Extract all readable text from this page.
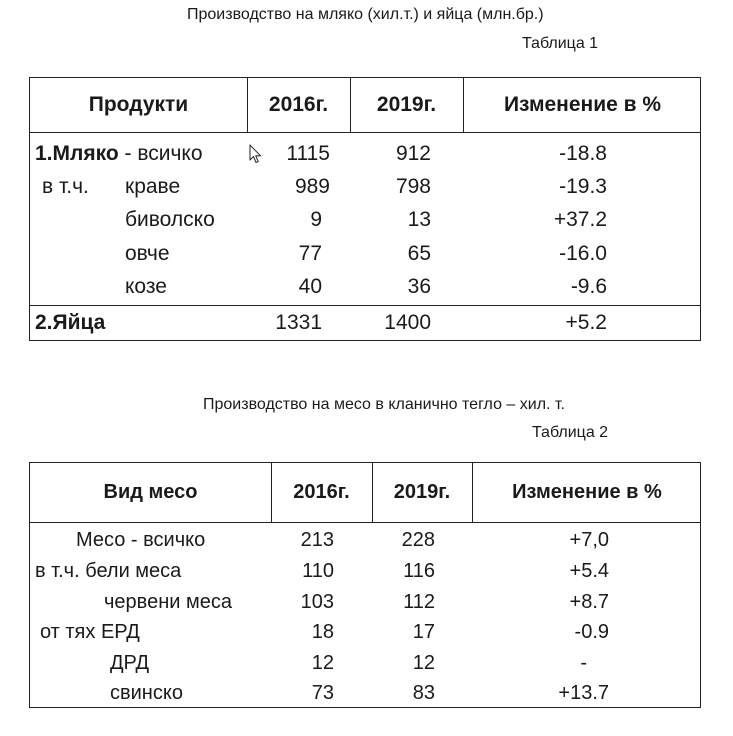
Производство на мляко (хил.т.) и яйца (млн.бр.)
Таблица 1
Продукти	2016г.	2019г.	Изменение в %
1.Мляко - всичко	1115	912	-18.8
в т.ч. краве	989	798	-19.3
биволско	9	13	+37.2
овче	77	65	-16.0
козе	40	36	-9.6
2.Яйца	1331	1400	+5.2
Производство на месо в кланично тегло – хил. т.
Таблица 2
Вид месо	2016г.	2019г.	Изменение в %
Месо - всичко	213	228	+7,0
в т.ч. бели меса	110	116	+5.4
червени меса	103	112	+8.7
от тях ЕРД	18	17	-0.9
ДРД	12	12	-
свинско	73	83	+13.7
